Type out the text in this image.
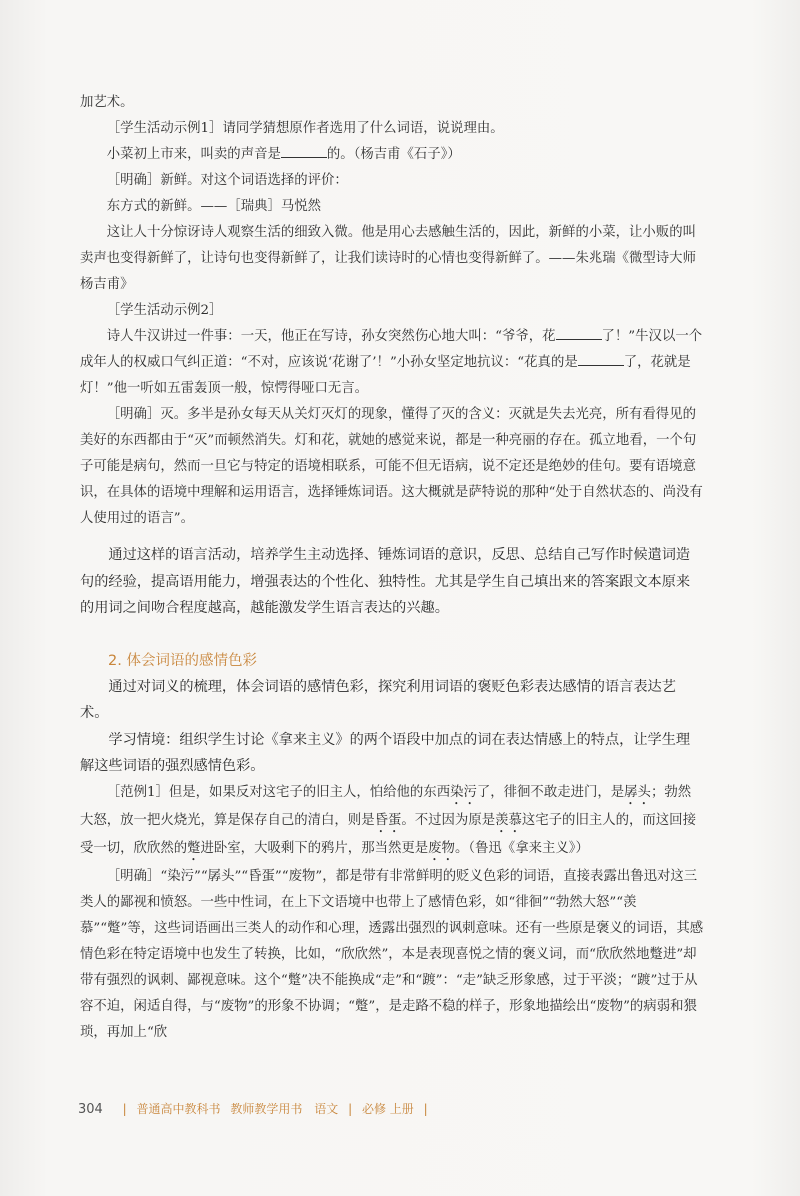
加艺术。

［学生活动示例1］请同学猜想原作者选用了什么词语，说说理由。

小菜初上市来，叫卖的声音是	的。（杨吉甫《石子》）

［明确］新鲜。对这个词语选择的评价：

东方式的新鲜。——［瑞典］马悦然

这让人十分惊讶诗人观察生活的细致入微。他是用心去感触生活的，因此，新鲜的小菜，让小贩的叫卖声也变得新鲜了，让诗句也变得新鲜了，让我们读诗时的心情也变得新鲜了。——朱兆瑞《微型诗大师杨吉甫》

［学生活动示例2］

诗人牛汉讲过一件事：一天，他正在写诗，孙女突然伤心地大叫：“爷爷，花	了！”牛汉以一个成年人的权威口气纠正道：“不对，应该说‘花谢了’！”小孙女坚定地抗议：“花真的是	了，花就是灯！”他一听如五雷轰顶一般，惊愕得哑口无言。

［明确］灭。多半是孙女每天从关灯灭灯的现象，懂得了灭的含义：灭就是失去光亮，所有看得见的美好的东西都由于“灭”而顿然消失。灯和花，就她的感觉来说，都是一种亮丽的存在。孤立地看，一个句子可能是病句，然而一旦它与特定的语境相联系，可能不但无语病，说不定还是绝妙的佳句。要有语境意识，在具体的语境中理解和运用语言，选择锤炼词语。这大概就是萨特说的那种“处于自然状态的、尚没有人使用过的语言”。

通过这样的语言活动，培养学生主动选择、锤炼词语的意识，反思、总结自己写作时候遣词造句的经验，提高语用能力，增强表达的个性化、独特性。尤其是学生自己填出来的答案跟文本原来的用词之间吻合程度越高，越能激发学生语言表达的兴趣。

2. 体会词语的感情色彩

通过对词义的梳理，体会词语的感情色彩，探究利用词语的褒贬色彩表达感情的语言表达艺术。

学习情境：组织学生讨论《拿来主义》的两个语段中加点的词在表达情感上的特点，让学生理解这些词语的强烈感情色彩。

［范例1］但是，如果反对这宅子的旧主人，怕给他的东西染污了，徘徊不敢走进门，是孱头；勃然大怒，放一把火烧光，算是保存自己的清白，则是昏蛋。不过因为原是羡慕这宅子的旧主人的，而这回接受一切，欣欣然的蹩进卧室，大吸剩下的鸦片，那当然更是废物。（鲁迅《拿来主义》）

［明确］“染污”“孱头”“昏蛋”“废物”，都是带有非常鲜明的贬义色彩的词语，直接表露出鲁迅对这三类人的鄙视和愤怒。一些中性词，在上下文语境中也带上了感情色彩，如“徘徊”“勃然大怒”“羡慕”“蹩”等，这些词语画出三类人的动作和心理，透露出强烈的讽刺意味。还有一些原是褒义的词语，其感情色彩在特定语境中也发生了转换，比如，“欣欣然”，本是表现喜悦之情的褒义词，而“欣欣然地蹩进”却带有强烈的讽刺、鄙视意味。这个“蹩”决不能换成“走”和“踱”：“走”缺乏形象感，过于平淡；“踱”过于从容不迫，闲适自得，与“废物”的形象不协调；“蹩”，是走路不稳的样子，形象地描绘出“废物”的病弱和猥琐，再加上“欣

304 | 普通高中教科书 教师教学用书 语文 | 必修 上册 |
